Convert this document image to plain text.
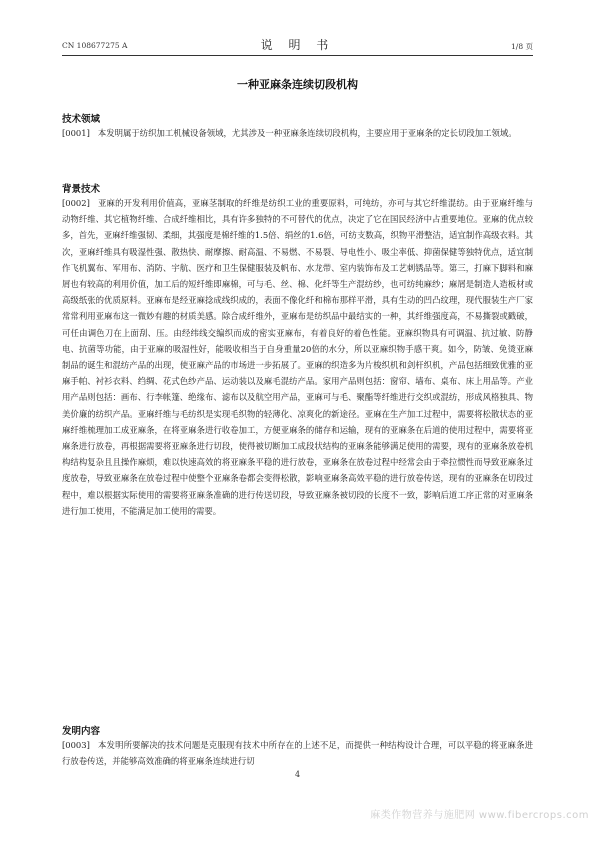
CN 108677275 A	说 明 书	1/8 页
一种亚麻条连续切段机构
技术领域
[0001] 本发明属于纺织加工机械设备领域，尤其涉及一种亚麻条连续切段机构，主要应用于亚麻条的定长切段加工领域。
背景技术
[0002] 亚麻的开发利用价值高，亚麻茎制取的纤维是纺织工业的重要原料，可纯纺，亦可与其它纤维混纺。由于亚麻纤维与动物纤维、其它植物纤维、合成纤维相比，具有许多独特的不可替代的优点，决定了它在国民经济中占重要地位。亚麻的优点较多，首先，亚麻纤维强韧、柔细，其强度是棉纤维的1.5倍、绢丝的1.6倍，可纺支数高，织物平滑整洁，适宜制作高级衣料。其次，亚麻纤维具有吸湿性强、散热快、耐摩擦、耐高温、不易燃、不易裂、导电性小、吸尘率低、抑菌保健等独特优点，适宜制作飞机翼布、军用布、消防、宇航、医疗和卫生保健服装及帆布、水龙带、室内装饰布及工艺刺锈品等。第三，打麻下脚料和麻屑也有较高的利用价值，加工后的短纤维即麻棉，可与毛、丝、棉、化纤等生产混纺纱，也可纺纯麻纱；麻屑是制造人造板材或高级纸张的优质原料。亚麻布是经亚麻捻成线织成的，表面不像化纤和棉布那样平滑，具有生动的凹凸纹理，现代服装生产厂家常常利用亚麻布这一微妙有趣的材质美感。除合成纤维外，亚麻布是纺织品中最结实的一种，其纤维强度高，不易撕裂或戳破，可任由调色刀在上面刮、压。由经纬线交编织而成的密实亚麻布，有着良好的着色性能。亚麻织物具有可调温、抗过敏、防静电、抗菌等功能，由于亚麻的吸湿性好，能吸收相当于自身重量20倍的水分，所以亚麻织物手感干爽。如今，防皱、免烫亚麻制品的诞生和混纺产品的出现，使亚麻产品的市场进一步拓展了。亚麻的织造多为片梭织机和剑杆织机，产品包括细致优雅的亚麻手帕、衬衫衣料、绉绸、花式色纱产品、运动装以及麻毛混纺产品。家用产品则包括：窗帘、墙布、桌布、床上用品等。产业用产品则包括：画布、行李帐篷、绝缘布、滤布以及航空用产品，亚麻可与毛、聚酯等纤维进行交织或混纺，形成风格独具、物美价廉的纺织产品。亚麻纤维与毛纺织是实现毛织物的轻薄化、凉爽化的新途径。亚麻在生产加工过程中，需要将松散状态的亚麻纤维梳理加工成亚麻条，在将亚麻条进行收卷加工，方便亚麻条的储存和运输，现有的亚麻条在后道的使用过程中，需要将亚麻条进行放卷，再根据需要将亚麻条进行切段，使得被切断加工成段状结构的亚麻条能够满足使用的需要，现有的亚麻条放卷机构结构复杂且且操作麻烦，难以快速高效的将亚麻条平稳的进行放卷，亚麻条在放卷过程中经常会由于牵拉惯性而导致亚麻条过度放卷，导致亚麻条在放卷过程中使整个亚麻条卷都会变得松散，影响亚麻条高效平稳的进行放卷传送，现有的亚麻条在切段过程中，难以根据实际使用的需要将亚麻条准确的进行传送切段，导致亚麻条被切段的长度不一致，影响后道工序正常的对亚麻条进行加工使用，不能满足加工使用的需要。
发明内容
[0003] 本发明所要解决的技术问题是克服现有技术中所存在的上述不足，而提供一种结构设计合理，可以平稳的将亚麻条进行放卷传送，并能够高效准确的将亚麻条连续进行切
4
麻类作物营养与施肥网 www.fibercrops.com
